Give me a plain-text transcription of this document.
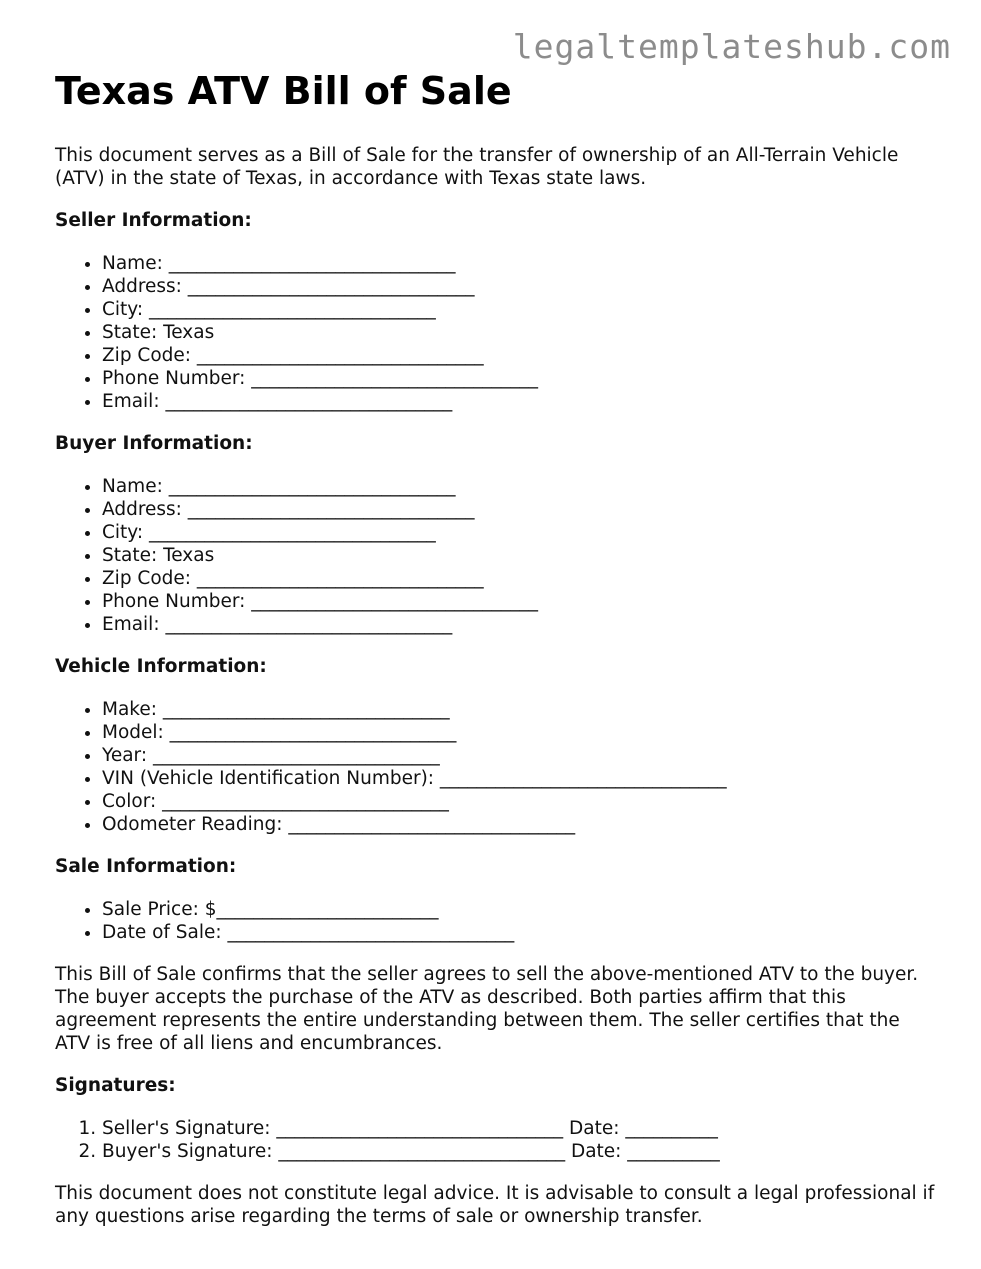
legaltemplateshub.com
Texas ATV Bill of Sale

This document serves as a Bill of Sale for the transfer of ownership of an All-Terrain Vehicle (ATV) in the state of Texas, in accordance with Texas state laws.

Seller Information:
• Name: _______________________________
• Address: _______________________________
• City: _______________________________
• State: Texas
• Zip Code: _______________________________
• Phone Number: _______________________________
• Email: _______________________________
Buyer Information:
• Name: _______________________________
• Address: _______________________________
• City: _______________________________
• State: Texas
• Zip Code: _______________________________
• Phone Number: _______________________________
• Email: _______________________________
Vehicle Information:
• Make: _______________________________
• Model: _______________________________
• Year: _______________________________
• VIN (Vehicle Identification Number): _______________________________
• Color: _______________________________
• Odometer Reading: _______________________________
Sale Information:
• Sale Price: $________________________
• Date of Sale: _______________________________

This Bill of Sale confirms that the seller agrees to sell the above-mentioned ATV to the buyer. The buyer accepts the purchase of the ATV as described. Both parties affirm that this agreement represents the entire understanding between them. The seller certifies that the ATV is free of all liens and encumbrances.

Signatures:
1. Seller's Signature: _______________________________ Date: __________
2. Buyer's Signature: _______________________________ Date: __________

This document does not constitute legal advice. It is advisable to consult a legal professional if any questions arise regarding the terms of sale or ownership transfer.
